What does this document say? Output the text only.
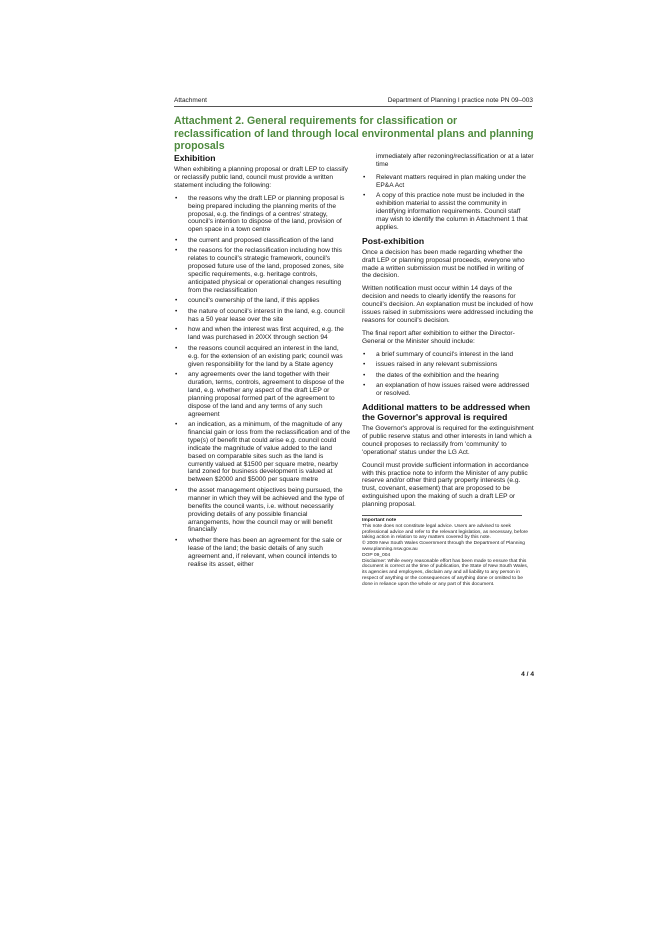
Attachment	Department of Planning I practice note PN 09–003
Attachment 2. General requirements for classification or reclassification of land through local environmental plans and planning proposals
Exhibition

When exhibiting a planning proposal or draft LEP to classify or reclassify public land, council must provide a written statement including the following:

• the reasons why the draft LEP or planning proposal is being prepared including the planning merits of the proposal, e.g. the findings of a centres' strategy, council's intention to dispose of the land, provision of open space in a town centre
• the current and proposed classification of the land
• the reasons for the reclassification including how this relates to council's strategic framework, council's proposed future use of the land, proposed zones, site specific requirements, e.g. heritage controls, anticipated physical or operational changes resulting from the reclassification
• council's ownership of the land, if this applies
• the nature of council's interest in the land, e.g. council has a 50 year lease over the site
• how and when the interest was first acquired, e.g. the land was purchased in 20XX through section 94
• the reasons council acquired an interest in the land, e.g. for the extension of an existing park; council was given responsibility for the land by a State agency
• any agreements over the land together with their duration, terms, controls, agreement to dispose of the land, e.g. whether any aspect of the draft LEP or planning proposal formed part of the agreement to dispose of the land and any terms of any such agreement
• an indication, as a minimum, of the magnitude of any financial gain or loss from the reclassification and of the type(s) of benefit that could arise e.g. council could indicate the magnitude of value added to the land based on comparable sites such as the land is currently valued at $1500 per square metre, nearby land zoned for business development is valued at between $2000 and $5000 per square metre
• the asset management objectives being pursued, the manner in which they will be achieved and the type of benefits the council wants, i.e. without necessarily providing details of any possible financial arrangements, how the council may or will benefit financially
• whether there has been an agreement for the sale or lease of the land; the basic details of any such agreement and, if relevant, when council intends to realise its asset, either
immediately after rezoning/reclassification or at a later time
• Relevant matters required in plan making under the EP&A Act
• A copy of this practice note must be included in the exhibition material to assist the community in identifying information requirements. Council staff may wish to identify the column in Attachment 1 that applies.
Post-exhibition

Once a decision has been made regarding whether the draft LEP or planning proposal proceeds, everyone who made a written submission must be notified in writing of the decision.

Written notification must occur within 14 days of the decision and needs to clearly identify the reasons for council's decision. An explanation must be included of how issues raised in submissions were addressed including the reasons for council's decision.

The final report after exhibition to either the Director-General or the Minister should include:

• a brief summary of council's interest in the land
• issues raised in any relevant submissions
• the dates of the exhibition and the hearing
• an explanation of how issues raised were addressed or resolved.
Additional matters to be addressed when the Governor's approval is required

The Governor's approval is required for the extinguishment of public reserve status and other interests in land which a council proposes to reclassify from 'community' to 'operational' status under the LG Act.

Council must provide sufficient information in accordance with this practice note to inform the Minister of any public reserve and/or other third party property interests (e.g. trust, covenant, easement) that are proposed to be extinguished upon the making of such a draft LEP or planning proposal.

Important note

This note does not constitute legal advice. Users are advised to seek professional advice and refer to the relevant legislation, as necessary, before taking action in relation to any matters covered by this note.

© 2009 New South Wales Government through the Department of Planning www.planning.nsw.gov.au

DOP 09_004

Disclaimer: While every reasonable effort has been made to ensure that this document is correct at the time of publication, the State of New South Wales, its agencies and employees, disclaim any and all liability to any person in respect of anything or the consequences of anything done or omitted to be done in reliance upon the whole or any part of this document.

4 / 4
